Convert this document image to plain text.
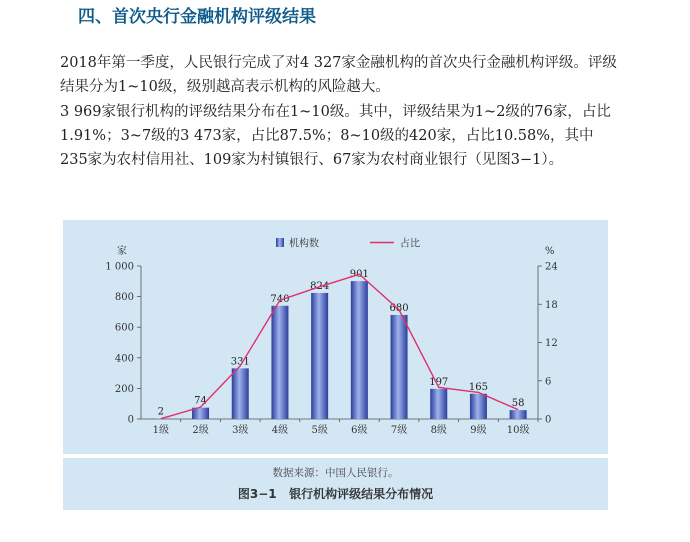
四、首次央行金融机构评级结果

2018年第一季度，人民银行完成了对4 327家金融机构的首次央行金融机构评级。评级结果分为1~10级，级别越高表示机构的风险越大。

3 969家银行机构的评级结果分布在1~10级。其中，评级结果为1~2级的76家，占比1.91%；3~7级的3 473家，占比87.5%；8~10级的420家，占比10.58%，其中235家为农村信用社、109家为村镇银行、67家为农村商业银行（见图3−1）。

0
200
400
600
800
1 000
0
6
12
18
24
家	%
2
1级
74
2级
331
3级
740
4级
824
5级
901
6级
680
7级
197
8级
165
9级
58
10级
机构数	占比
数据来源：中国人民银行。
图3−1   银行机构评级结果分布情况
